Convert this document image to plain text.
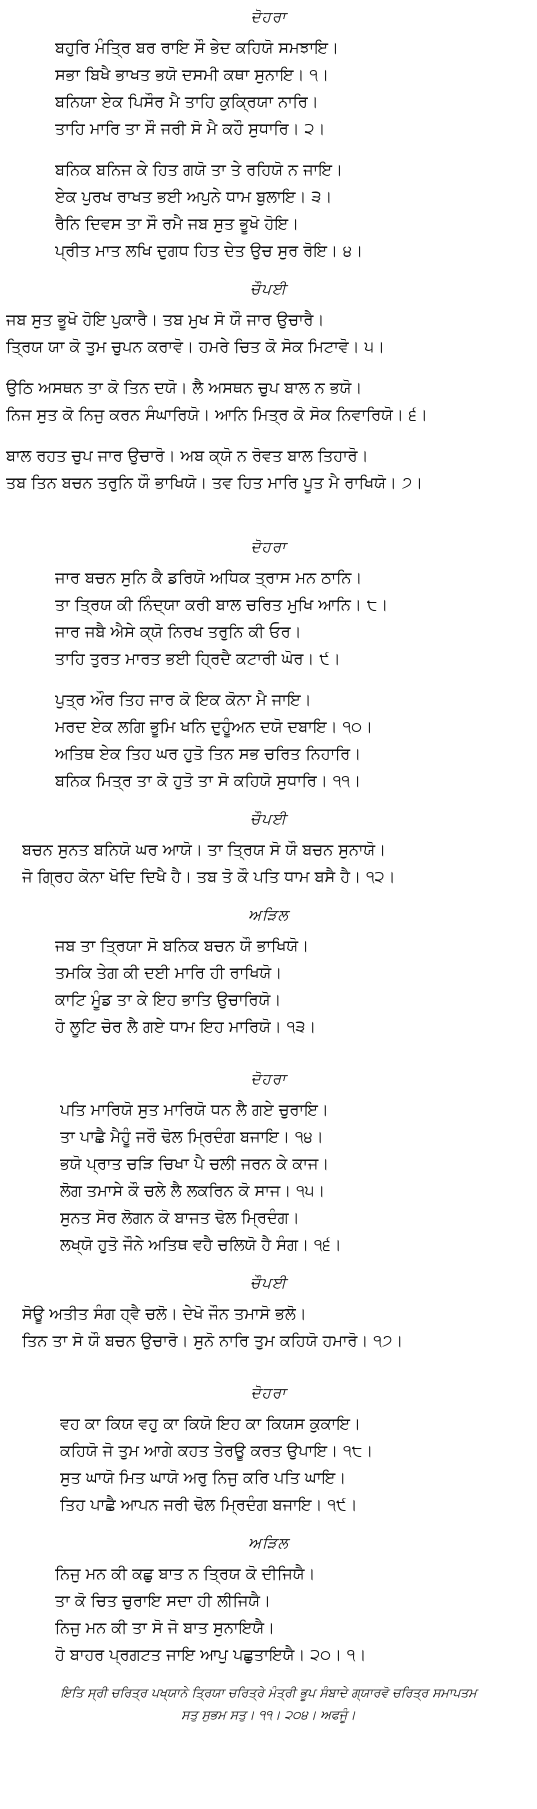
ਦੋਹਰਾ
ਬਹੁਰਿ ਮੰਤ੍ਰਿ ਬਰ ਰਾਇ ਸੌ ਭੇਦ ਕਹਿਯੋ ਸਮਝਾਇ।
ਸਭਾ ਬਿਖੈ ਭਾਖਤ ਭਯੋ ਦਸਮੀ ਕਥਾ ਸੁਨਾਇ। ੧।
ਬਨਿਯਾ ਏਕ ਪਿਸੌਰ ਮੈ ਤਾਹਿ ਕੁਕ੍ਰਿਯਾ ਨਾਰਿ।
ਤਾਹਿ ਮਾਰਿ ਤਾ ਸੌ ਜਰੀ ਸੋ ਮੈ ਕਹੌ ਸੁਧਾਰਿ। ੨।
ਬਨਿਕ ਬਨਿਜ ਕੇ ਹਿਤ ਗਯੋ ਤਾ ਤੇ ਰਹਿਯੋ ਨ ਜਾਇ।
ਏਕ ਪੁਰਖ ਰਾਖਤ ਭਈ ਅਪੁਨੇ ਧਾਮ ਬੁਲਾਇ। ੩।
ਰੈਨਿ ਦਿਵਸ ਤਾ ਸੌ ਰਮੈ ਜਬ ਸੁਤ ਭੂਖੋ ਹੋਇ।
ਪ੍ਰੀਤ ਮਾਤ ਲਖਿ ਦੁਗਧ ਹਿਤ ਦੇਤ ਉਚ ਸੁਰ ਰੋਇ। ੪।
ਚੌਪਈ
ਜਬ ਸੁਤ ਭੂਖੋ ਹੋਇ ਪੁਕਾਰੈ। ਤਬ ਮੁਖ ਸੋ ਯੌ ਜਾਰ ਉਚਾਰੈ।
ਤ੍ਰਿਯ ਯਾ ਕੋ ਤੁਮ ਚੁਪਨ ਕਰਾਵੋ। ਹਮਰੇ ਚਿਤ ਕੋ ਸੋਕ ਮਿਟਾਵੋ। ੫।
ਉਠਿ ਅਸਥਨ ਤਾ ਕੋ ਤਿਨ ਦਯੋ। ਲੈ ਅਸਥਨ ਚੁਪ ਬਾਲ ਨ ਭਯੋ।
ਨਿਜ ਸੁਤ ਕੋ ਨਿਜੁ ਕਰਨ ਸੰਘਾਰਿਯੋ। ਆਨਿ ਮਿਤ੍ਰ ਕੋ ਸੋਕ ਨਿਵਾਰਿਯੋ। ੬।
ਬਾਲ ਰਹਤ ਚੁਪ ਜਾਰ ਉਚਾਰੋ। ਅਬ ਕ੍ਯੋ ਨ ਰੋਵਤ ਬਾਲ ਤਿਹਾਰੋ।
ਤਬ ਤਿਨ ਬਚਨ ਤਰੁਨਿ ਯੌ ਭਾਖਿਯੋ। ਤਵ ਹਿਤ ਮਾਰਿ ਪੂਤ ਮੈ ਰਾਖਿਯੋ। ੭।
ਦੋਹਰਾ
ਜਾਰ ਬਚਨ ਸੁਨਿ ਕੈ ਡਰਿਯੋ ਅਧਿਕ ਤ੍ਰਾਸ ਮਨ ਠਾਨਿ।
ਤਾ ਤ੍ਰਿਯ ਕੀ ਨਿੰਦ੍ਯਾ ਕਰੀ ਬਾਲ ਚਰਿਤ ਮੁਖਿ ਆਨਿ। ੮।
ਜਾਰ ਜਬੈ ਐਸੇ ਕ੍ਯੋ ਨਿਰਖ ਤਰੁਨਿ ਕੀ ਓਰ।
ਤਾਹਿ ਤੁਰਤ ਮਾਰਤ ਭਈ ਹ੍ਰਿਦੈ ਕਟਾਰੀ ਘੋਰ। ੯।
ਪੁਤ੍ਰ ਔਰ ਤਿਹ ਜਾਰ ਕੋ ਇਕ ਕੋਨਾ ਮੈ ਜਾਇ।
ਮਰਦ ਏਕ ਲਗਿ ਭੂਮਿ ਖਨਿ ਦੁਹੂੰਅਨ ਦਯੋ ਦਬਾਇ। ੧੦।
ਅਤਿਥ ਏਕ ਤਿਹ ਘਰ ਹੁਤੋ ਤਿਨ ਸਭ ਚਰਿਤ ਨਿਹਾਰਿ।
ਬਨਿਕ ਮਿਤ੍ਰ ਤਾ ਕੋ ਹੁਤੋ ਤਾ ਸੋ ਕਹਿਯੋ ਸੁਧਾਰਿ। ੧੧।
ਚੌਪਈ
ਬਚਨ ਸੁਨਤ ਬਨਿਯੋ ਘਰ ਆਯੋ। ਤਾ ਤ੍ਰਿਯ ਸੋ ਯੌ ਬਚਨ ਸੁਨਾਯੋ।
ਜੋ ਗ੍ਰਿਹ ਕੋਨਾ ਖੋਦਿ ਦਿਖੈ ਹੈ। ਤਬ ਤੋ ਕੌ ਪਤਿ ਧਾਮ ਬਸੈ ਹੈ। ੧੨।
ਅੜਿਲ
ਜਬ ਤਾ ਤ੍ਰਿਯਾ ਸੋ ਬਨਿਕ ਬਚਨ ਯੌ ਭਾਖਿਯੋ।
ਤਮਕਿ ਤੇਗ ਕੀ ਦਈ ਮਾਰਿ ਹੀ ਰਾਖਿਯੋ।
ਕਾਟਿ ਮੂੰਡ ਤਾ ਕੇ ਇਹ ਭਾਤਿ ਉਚਾਰਿਯੋ।
ਹੋ ਲੂਟਿ ਚੋਰ ਲੈ ਗਏ ਧਾਮ ਇਹ ਮਾਰਿਯੋ। ੧੩।
ਦੋਹਰਾ
ਪਤਿ ਮਾਰਿਯੋ ਸੁਤ ਮਾਰਿਯੋ ਧਨ ਲੈ ਗਏ ਚੁਰਾਇ।
ਤਾ ਪਾਛੈ ਮੈਹੂੰ ਜਰੌ ਢੋਲ ਮ੍ਰਿਦੰਗ ਬਜਾਇ। ੧੪।
ਭਯੋ ਪ੍ਰਾਤ ਚੜਿ ਚਿਖਾ ਪੈ ਚਲੀ ਜਰਨ ਕੇ ਕਾਜ।
ਲੋਗ ਤਮਾਸੇ ਕੌ ਚਲੇ ਲੈ ਲਕਰਿਨ ਕੋ ਸਾਜ। ੧੫।
ਸੁਨਤ ਸੋਰ ਲੋਗਨ ਕੋ ਬਾਜਤ ਢੋਲ ਮ੍ਰਿਦੰਗ।
ਲਖ੍ਯੋ ਹੁਤੋ ਜੌਨੇ ਅਤਿਥ ਵਹੈ ਚਲਿਯੋ ਹੈ ਸੰਗ। ੧੬।
ਚੌਪਈ
ਸੋਊ ਅਤੀਤ ਸੰਗ ਹ੍ਵੈ ਚਲੋ। ਦੇਖੋ ਜੌਨ ਤਮਾਸੋ ਭਲੋ।
ਤਿਨ ਤਾ ਸੋ ਯੌ ਬਚਨ ਉਚਾਰੋ। ਸੁਨੋ ਨਾਰਿ ਤੁਮ ਕਹਿਯੋ ਹਮਾਰੋ। ੧੭।
ਦੋਹਰਾ
ਵਹ ਕਾ ਕਿਯ ਵਹੁ ਕਾ ਕਿਯੋ ਇਹ ਕਾ ਕਿਯਸ ਕੁਕਾਇ।
ਕਹਿਯੋ ਜੋ ਤੁਮ ਆਗੇ ਕਹਤ ਤੇਰਊ ਕਰਤ ਉਪਾਇ। ੧੮।
ਸੁਤ ਘਾਯੋ ਮਿਤ ਘਾਯੋ ਅਰੁ ਨਿਜੁ ਕਰਿ ਪਤਿ ਘਾਇ।
ਤਿਹ ਪਾਛੈ ਆਪਨ ਜਰੀ ਢੋਲ ਮ੍ਰਿਦੰਗ ਬਜਾਇ। ੧੯।
ਅੜਿਲ
ਨਿਜੁ ਮਨ ਕੀ ਕਛੁ ਬਾਤ ਨ ਤ੍ਰਿਯ ਕੋ ਦੀਜਿਯੈ।
ਤਾ ਕੋ ਚਿਤ ਚੁਰਾਇ ਸਦਾ ਹੀ ਲੀਜਿਯੈ।
ਨਿਜੁ ਮਨ ਕੀ ਤਾ ਸੋ ਜੋ ਬਾਤ ਸੁਨਾਇਯੈ।
ਹੋ ਬਾਹਰ ਪ੍ਰਗਟਤ ਜਾਇ ਆਪੁ ਪਛੁਤਾਇਯੈ। ੨੦। ੧।
ਇਤਿ ਸ੍ਰੀ ਚਰਿਤ੍ਰ ਪਖ੍ਯਾਨੇ ਤ੍ਰਿਯਾ ਚਰਿਤ੍ਰੇ ਮੰਤ੍ਰੀ ਭੂਪ ਸੰਬਾਦੇ ਗ੍ਯਾਰਵੋ ਚਰਿਤ੍ਰ ਸਮਾਪਤਮ
ਸਤੁ ਸੁਭਮ ਸਤੁ। ੧੧। ੨੦੪। ਅਫਜੂੰ।
